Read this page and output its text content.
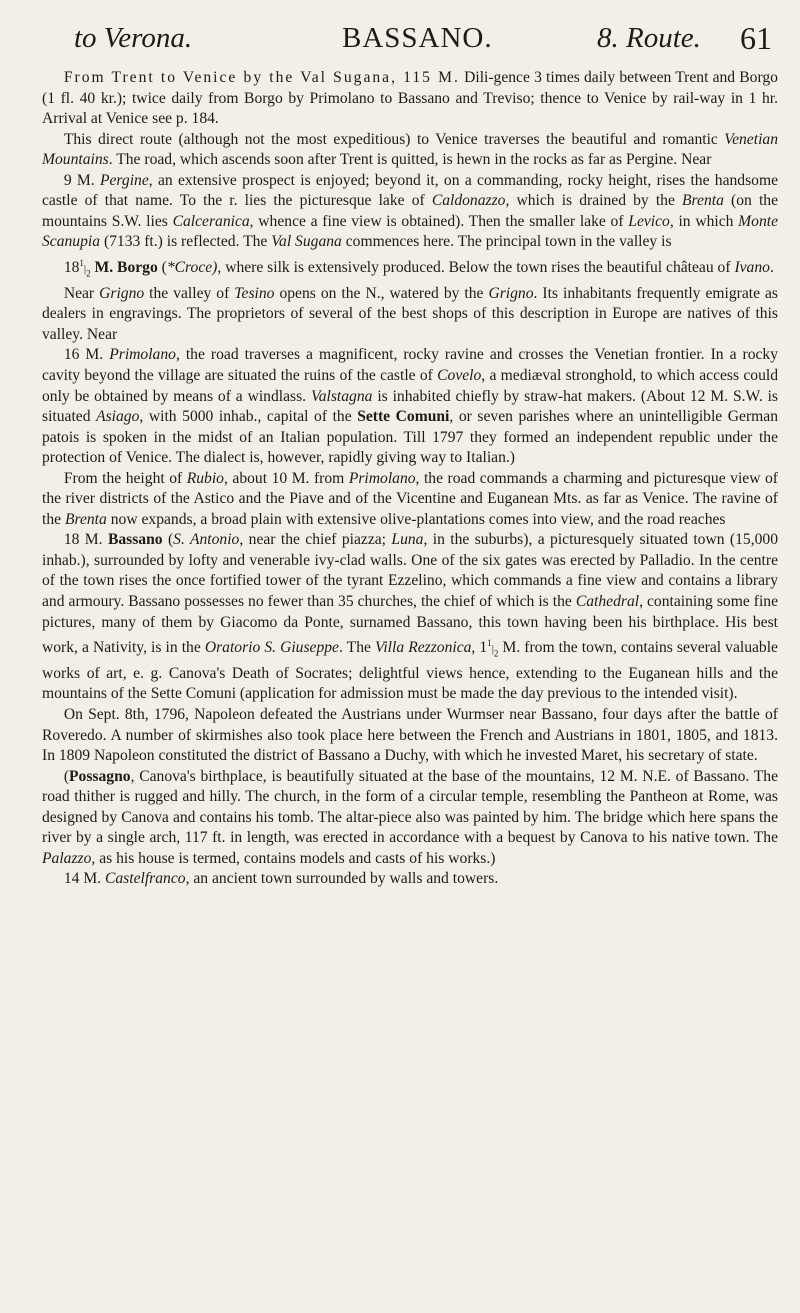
to Verona.	BASSANO.	8. Route. 61

From Trent to Venice by the Val Sugana, 115 M. Dili-gence 3 times daily between Trent and Borgo (1 fl. 40 kr.); twice daily from Borgo by Primolano to Bassano and Treviso; thence to Venice by rail-way in 1 hr. Arrival at Venice see p. 184.

This direct route (although not the most expeditious) to Venice traverses the beautiful and romantic Venetian Mountains. The road, which ascends soon after Trent is quitted, is hewn in the rocks as far as Pergine. Near

9 M. Pergine, an extensive prospect is enjoyed; beyond it, on a commanding, rocky height, rises the handsome castle of that name. To the r. lies the picturesque lake of Caldonazzo, which is drained by the Brenta (on the mountains S.W. lies Calceranica, whence a fine view is obtained). Then the smaller lake of Levico, in which Monte Scanupia (7133 ft.) is reflected. The Val Sugana commences here. The principal town in the valley is

$18^1|_2$ M. Borgo (*Croce), where silk is extensively produced. Below the town rises the beautiful château of Ivano.

Near Grigno the valley of Tesino opens on the N., watered by the Grigno. Its inhabitants frequently emigrate as dealers in engravings. The proprietors of several of the best shops of this description in Europe are natives of this valley. Near

16 M. Primolano, the road traverses a magnificent, rocky ravine and crosses the Venetian frontier. In a rocky cavity beyond the village are situated the ruins of the castle of Covelo, a mediæval stronghold, to which access could only be obtained by means of a windlass. Valstagna is inhabited chiefly by straw-hat makers. (About 12 M. S.W. is situated Asiago, with 5000 inhab., capital of the Sette Comuni, or seven parishes where an unintelligible German patois is spoken in the midst of an Italian population. Till 1797 they formed an independent republic under the protection of Venice. The dialect is, however, rapidly giving way to Italian.)

From the height of Rubio, about 10 M. from Primolano, the road commands a charming and picturesque view of the river districts of the Astico and the Piave and of the Vicentine and Euganean Mts. as far as Venice. The ravine of the Brenta now expands, a broad plain with extensive olive-plantations comes into view, and the road reaches

18 M. Bassano (S. Antonio, near the chief piazza; Luna, in the suburbs), a picturesquely situated town (15,000 inhab.), surrounded by lofty and venerable ivy-clad walls. One of the six gates was erected by Palladio. In the centre of the town rises the once fortified tower of the tyrant Ezzelino, which commands a fine view and contains a library and armoury. Bassano possesses no fewer than 35 churches, the chief of which is the Cathedral, containing some fine pictures, many of them by Giacomo da Ponte, surnamed Bassano, this town having been his birthplace. His best work, a Nativity, is in the Oratorio S. Giuseppe. The Villa Rezzonica, $1^1|_2$ M. from the town, contains several valuable works of art, e. g. Canova's Death of Socrates; delightful views hence, extending to the Euganean hills and the mountains of the Sette Comuni (application for admission must be made the day previous to the intended visit).

On Sept. 8th, 1796, Napoleon defeated the Austrians under Wurmser near Bassano, four days after the battle of Roveredo. A number of skirmishes also took place here between the French and Austrians in 1801, 1805, and 1813. In 1809 Napoleon constituted the district of Bassano a Duchy, with which he invested Maret, his secretary of state.

(Possagno, Canova's birthplace, is beautifully situated at the base of the mountains, 12 M. N.E. of Bassano. The road thither is rugged and hilly. The church, in the form of a circular temple, resembling the Pantheon at Rome, was designed by Canova and contains his tomb. The altar-piece also was painted by him. The bridge which here spans the river by a single arch, 117 ft. in length, was erected in accordance with a bequest by Canova to his native town. The Palazzo, as his house is termed, contains models and casts of his works.)

14 M. Castelfranco, an ancient town surrounded by walls and towers.
